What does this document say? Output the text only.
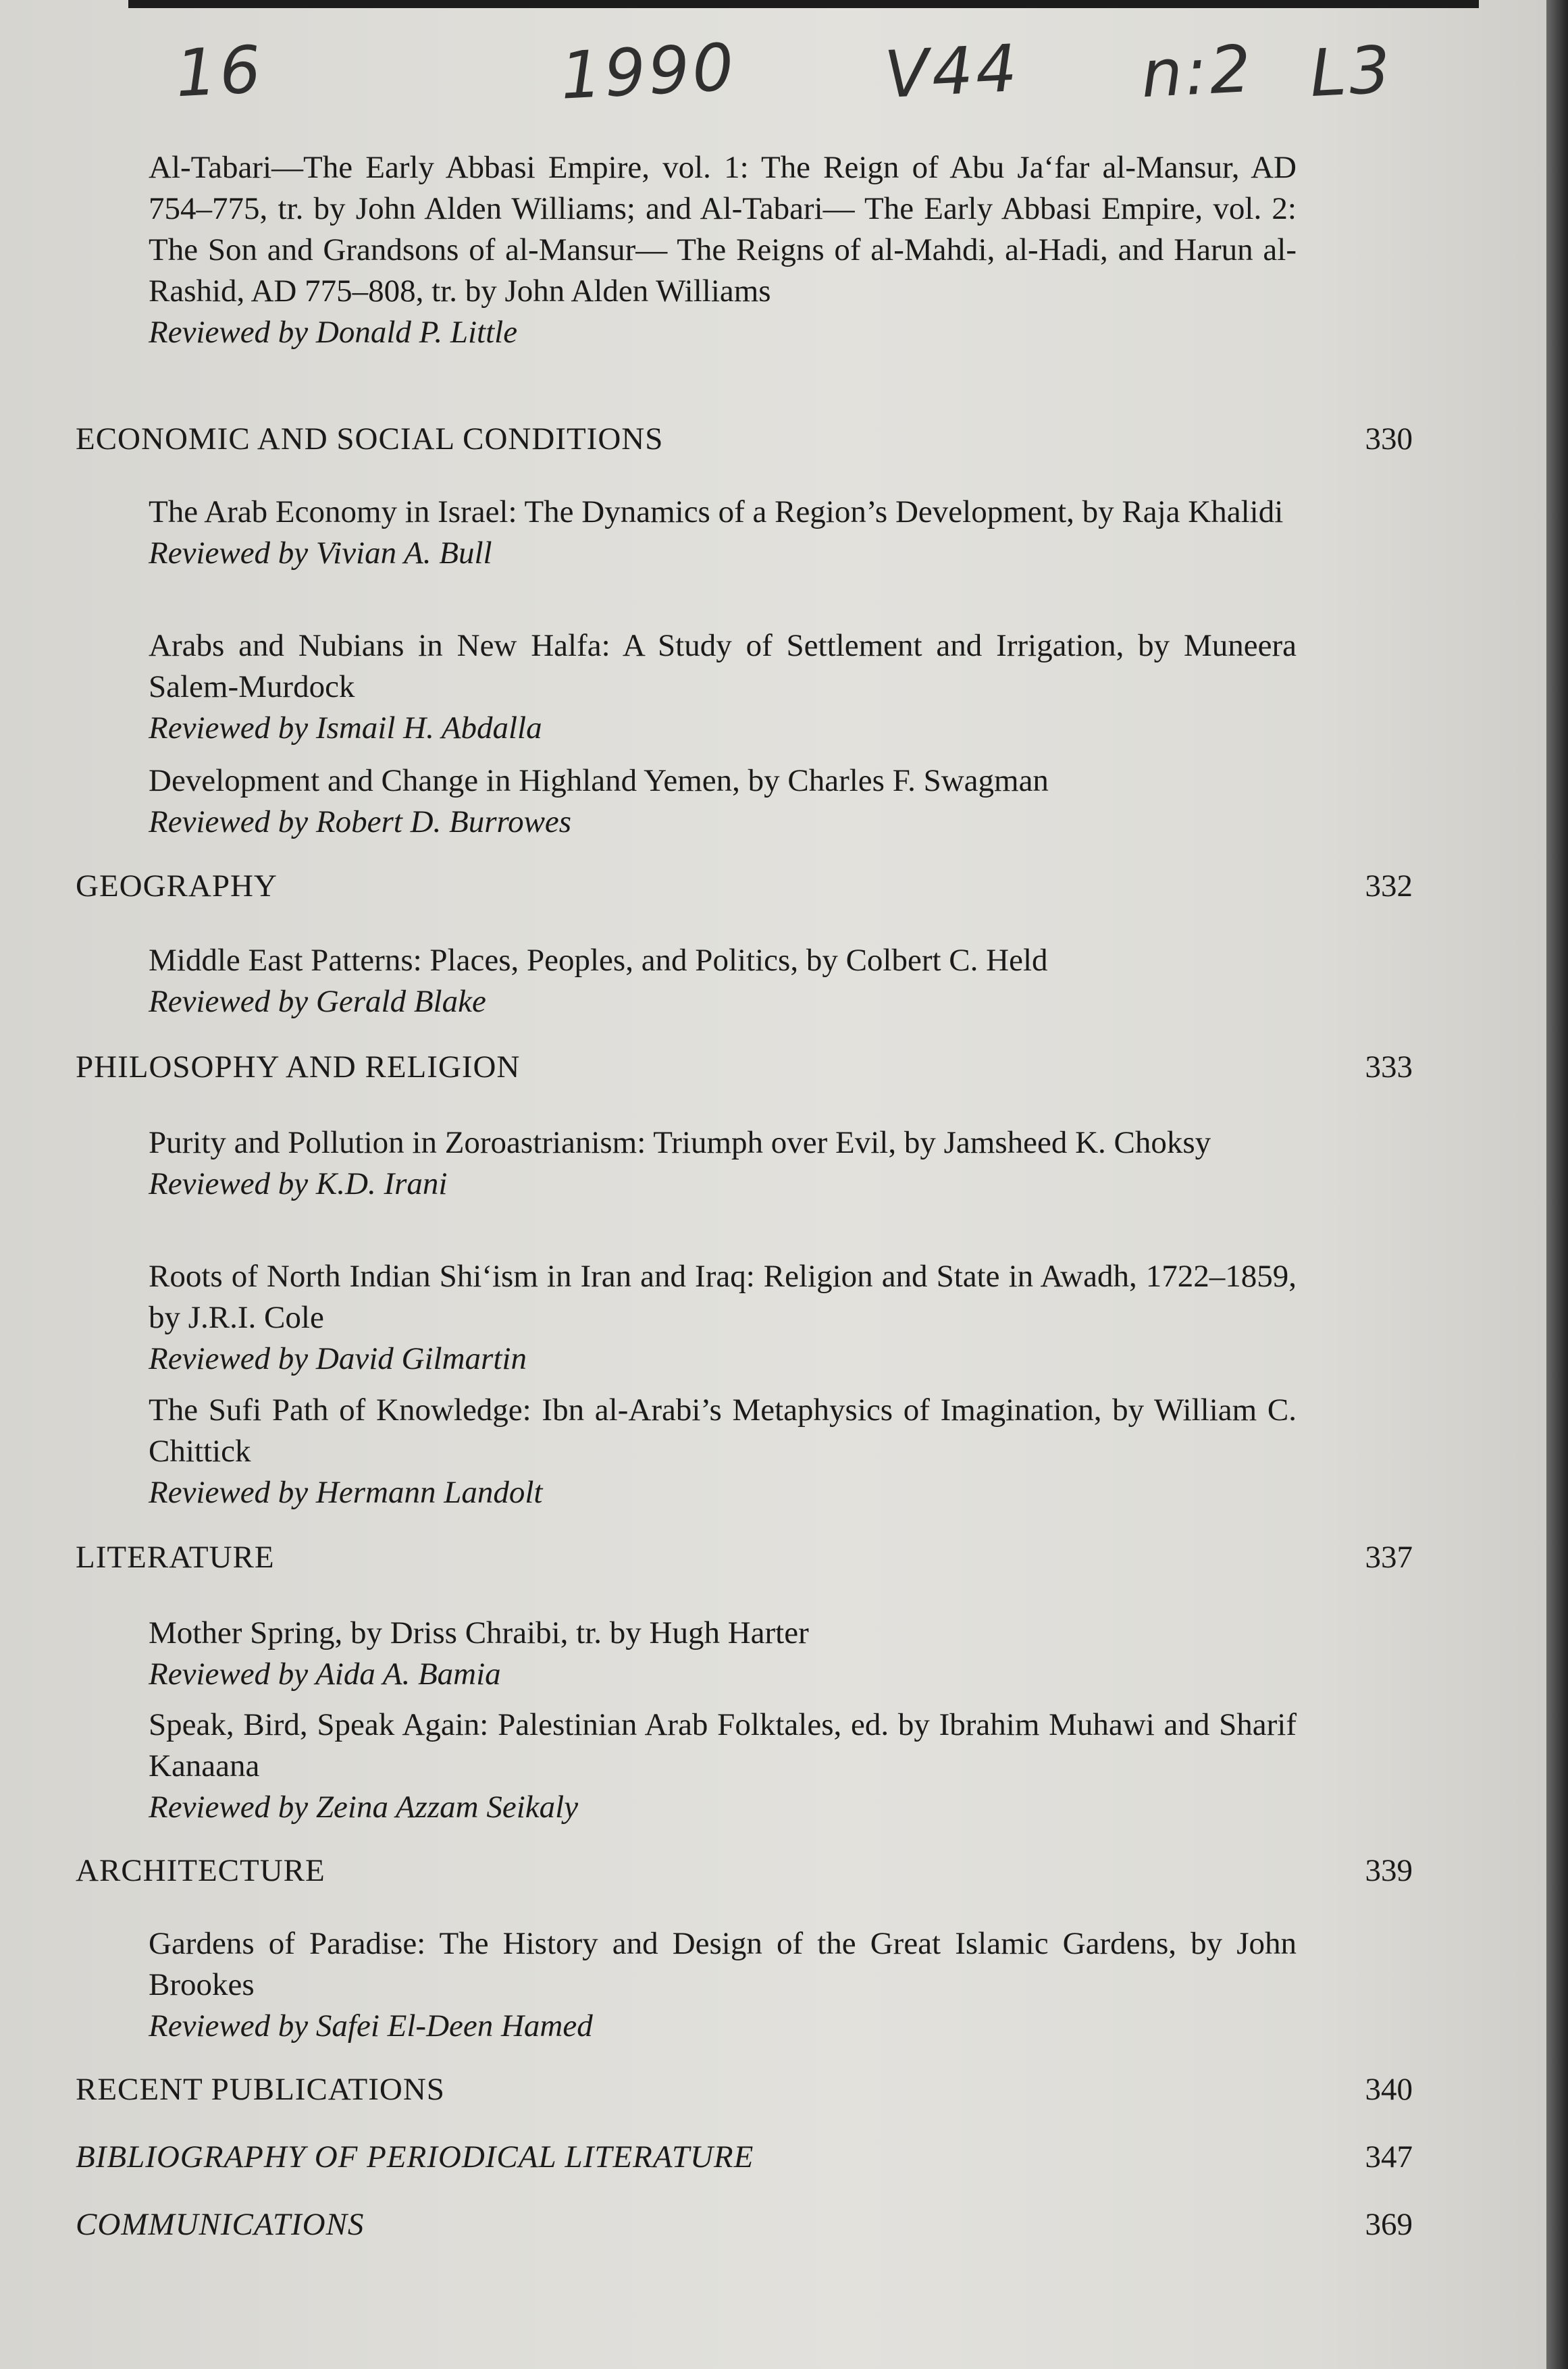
16	1990 V44 n:2 L3
Al-Tabari—The Early Abbasi Empire, vol. 1: The Reign of Abu Ja‘far al-Mansur, AD 754–775, tr. by John Alden Williams; and Al-Tabari— The Early Abbasi Empire, vol. 2: The Son and Grandsons of al-Mansur— The Reigns of al-Mahdi, al-Hadi, and Harun al-Rashid, AD 775–808, tr. by John Alden Williams
Reviewed by Donald P. Little
ECONOMIC AND SOCIAL CONDITIONS	330
The Arab Economy in Israel: The Dynamics of a Region’s Development, by Raja Khalidi
Reviewed by Vivian A. Bull
Arabs and Nubians in New Halfa: A Study of Settlement and Irrigation, by Muneera Salem-Murdock
Reviewed by Ismail H. Abdalla
Development and Change in Highland Yemen, by Charles F. Swagman
Reviewed by Robert D. Burrowes
GEOGRAPHY	332
Middle East Patterns: Places, Peoples, and Politics, by Colbert C. Held
Reviewed by Gerald Blake
PHILOSOPHY AND RELIGION	333
Purity and Pollution in Zoroastrianism: Triumph over Evil, by Jamsheed K. Choksy
Reviewed by K.D. Irani
Roots of North Indian Shi‘ism in Iran and Iraq: Religion and State in Awadh, 1722–1859, by J.R.I. Cole
Reviewed by David Gilmartin
The Sufi Path of Knowledge: Ibn al-Arabi’s Metaphysics of Imagination, by William C. Chittick
Reviewed by Hermann Landolt
LITERATURE	337
Mother Spring, by Driss Chraibi, tr. by Hugh Harter
Reviewed by Aida A. Bamia
Speak, Bird, Speak Again: Palestinian Arab Folktales, ed. by Ibrahim Muhawi and Sharif Kanaana
Reviewed by Zeina Azzam Seikaly
ARCHITECTURE	339
Gardens of Paradise: The History and Design of the Great Islamic Gardens, by John Brookes
Reviewed by Safei El-Deen Hamed
RECENT PUBLICATIONS	340
BIBLIOGRAPHY OF PERIODICAL LITERATURE	347
COMMUNICATIONS	369
